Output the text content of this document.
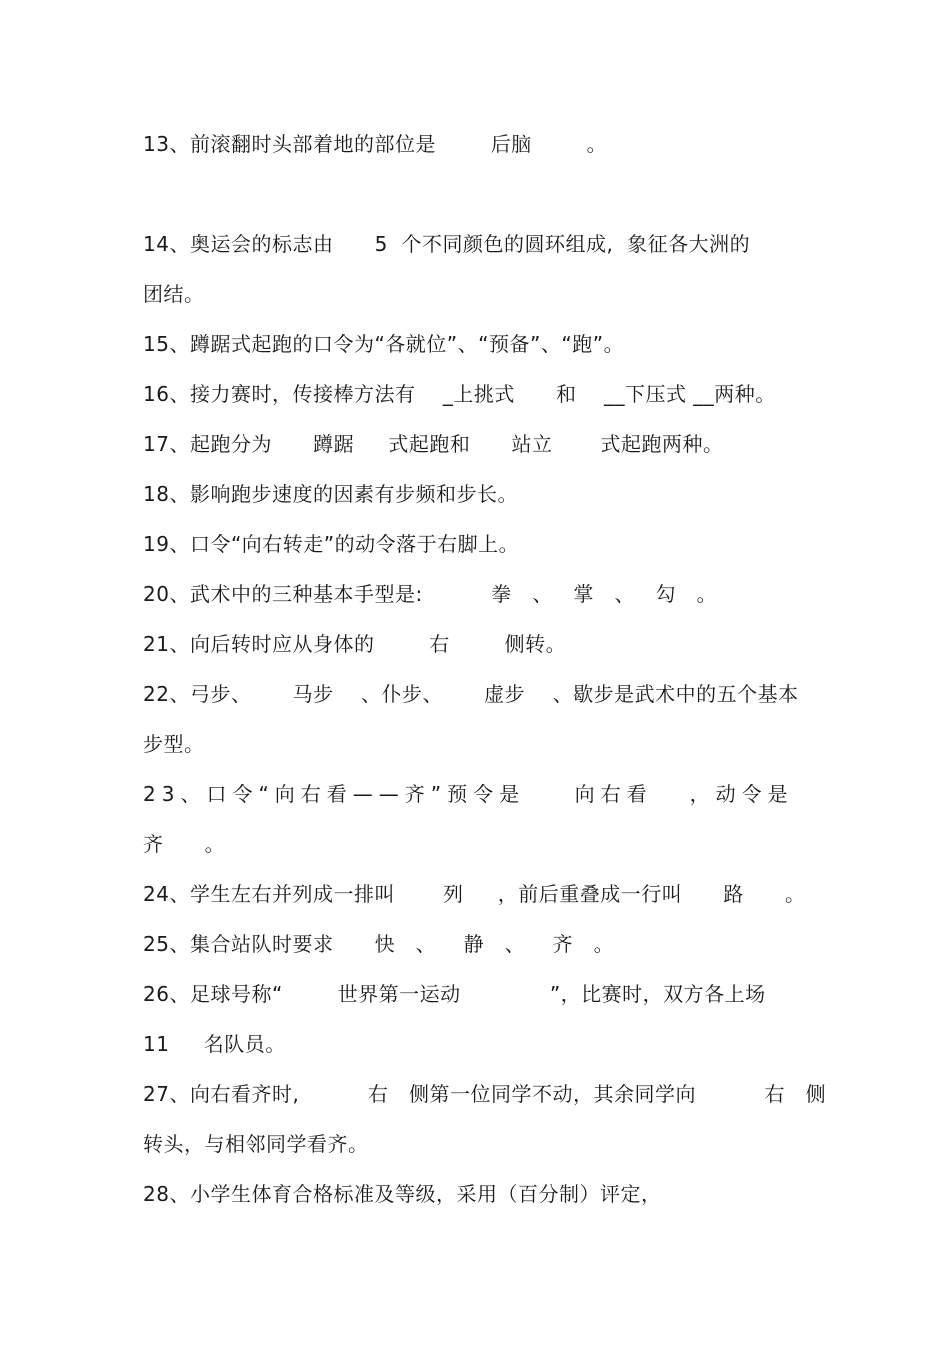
13、前滚翻时头部着地的部位是        后脑        。
14、奥运会的标志由      5  个不同颜色的圆环组成,  象征各大洲的
团结。
15、蹲踞式起跑的口令为“各就位”、“预备”、“跑”。
16、接力赛时，传接棒方法有    _上挑式      和    __下压式 __两种。
17、起跑分为      蹲踞     式起跑和      站立       式起跑两种。
18、影响跑步速度的因素有步频和步长。
19、口令“向右转走”的动令落于右脚上。
20、武术中的三种基本手型是:          拳   、   掌   、   勾   。
21、向后转时应从身体的        右        侧转。
22、弓步、      马步    、仆步、      虚步    、歇步是武术中的五个基本
步型。
23、口令“向右看——齐”预令是    向右看   ，动令是
齐      。
24、学生左右并列成一排叫       列     ，前后重叠成一行叫      路      。
25、集合站队时要求      快   、    静   、    齐   。
26、足球号称“        世界第一运动             ”，比赛时，双方各上场
11     名队员。
27、向右看齐时,          右   侧第一位同学不动，其余同学向          右   侧
转头，与相邻同学看齐。
28、小学生体育合格标准及等级，采用（百分制）评定，
